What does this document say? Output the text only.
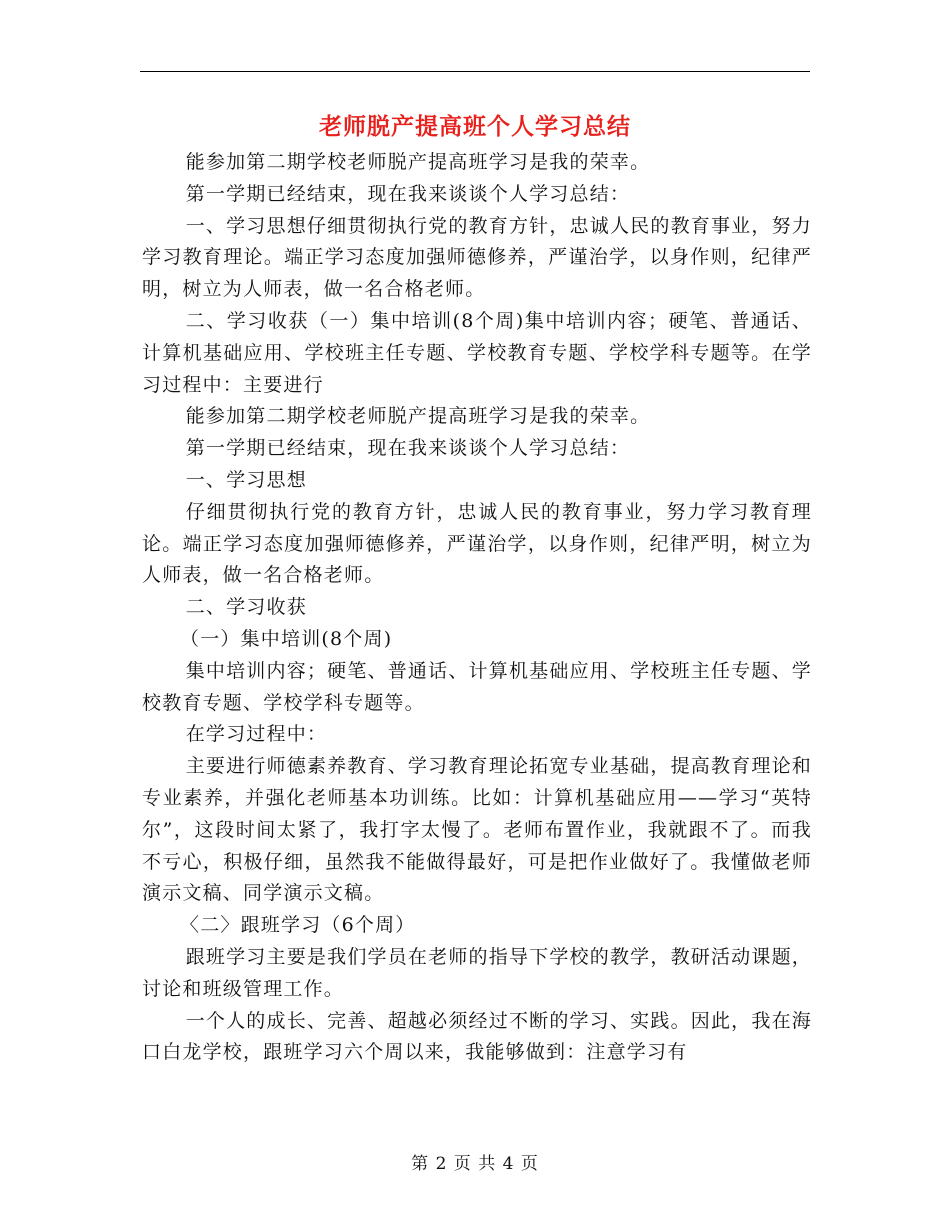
老师脱产提高班个人学习总结

能参加第二期学校老师脱产提高班学习是我的荣幸。

第一学期已经结束，现在我来谈谈个人学习总结：

一、学习思想仔细贯彻执行党的教育方针，忠诚人民的教育事业，努力学习教育理论。端正学习态度加强师德修养，严谨治学，以身作则，纪律严明，树立为人师表，做一名合格老师。

二、学习收获（一）集中培训(8个周)集中培训内容；硬笔、普通话、计算机基础应用、学校班主任专题、学校教育专题、学校学科专题等。在学习过程中：主要进行

能参加第二期学校老师脱产提高班学习是我的荣幸。

第一学期已经结束，现在我来谈谈个人学习总结：

一、学习思想

仔细贯彻执行党的教育方针，忠诚人民的教育事业，努力学习教育理论。端正学习态度加强师德修养，严谨治学，以身作则，纪律严明，树立为人师表，做一名合格老师。

二、学习收获

（一）集中培训(8个周)

集中培训内容；硬笔、普通话、计算机基础应用、学校班主任专题、学校教育专题、学校学科专题等。

在学习过程中：

主要进行师德素养教育、学习教育理论拓宽专业基础，提高教育理论和专业素养，并强化老师基本功训练。比如：计算机基础应用——学习“英特尔”，这段时间太紧了，我打字太慢了。老师布置作业，我就跟不了。而我不亏心，积极仔细，虽然我不能做得最好，可是把作业做好了。我懂做老师演示文稿、同学演示文稿。

〈二〉跟班学习（6个周）

跟班学习主要是我们学员在老师的指导下学校的教学，教研活动课题，讨论和班级管理工作。

一个人的成长、完善、超越必须经过不断的学习、实践。因此，我在海口白龙学校，跟班学习六个周以来，我能够做到：注意学习有

第 2 页 共 4 页
